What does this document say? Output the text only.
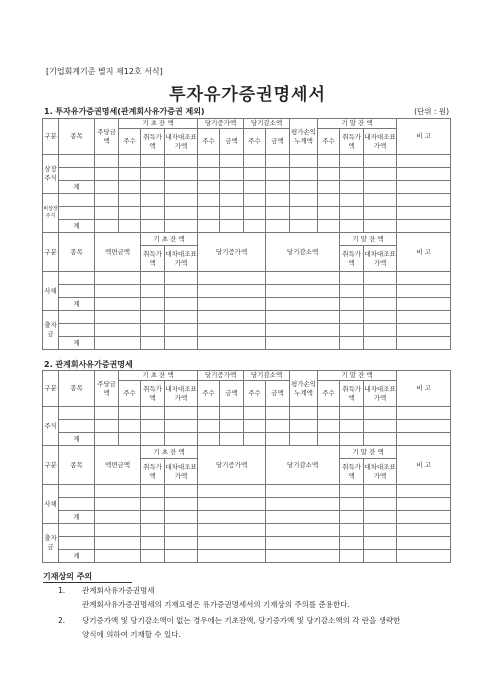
[기업회계기준 별지 제12호 서식]
투자유가증권명세서
1. 투자유가증권명세(관계회사유가증권 제외)	(단위 : 원)
구분	종목	주당금액	기 초 잔 액			당기증가액		당기감소액		평가손익누계액	기 말 잔 액			비 고
			주수	취득가액	내자대조표가액	주수	금액	주수	금액		주수	취득가액	내자대조표가액	

상장주식														

	계													
비상장주식														

	계													
구분	종목	액면금액		기 초 잔 액		당기증가액			당기감소액			기 말 잔 액		비 고
				취득가액	대차대조표가액							취득가액	대차대조표가액	
사채														

	계													
출자금														

	계													
2. 관계회사유가증권명세
구분	종목	주당금액	기 초 잔 액			당기증가액		당기감소액		평가손익누계액	기 말 잔 액			비 고
			주수	취득가액	내자대조표가액	주수	금액	주수	금액		주수	취득가액	내자대조표가액	

주식														

	계													
구분	종목	액면금액		기 초 잔 액		당기증가액			당기감소액			기 말 잔 액		비 고
				취득가액	대차대조표가액							취득가액	대차대조표가액	
사채														

	계													
출자금														

	계													
기재상의 주의
1. 관계회사유가증권명세
관계회사유가증권명세의 기재요령은 유가증권명세서의 기재상의 주의를 준용한다.
2. 당기증가액 및 당기감소액이 없는 경우에는 기초잔액, 당기증가액 및 당기감소액의 각 란을 생략한
양식에 의하여 기재할 수 있다.
